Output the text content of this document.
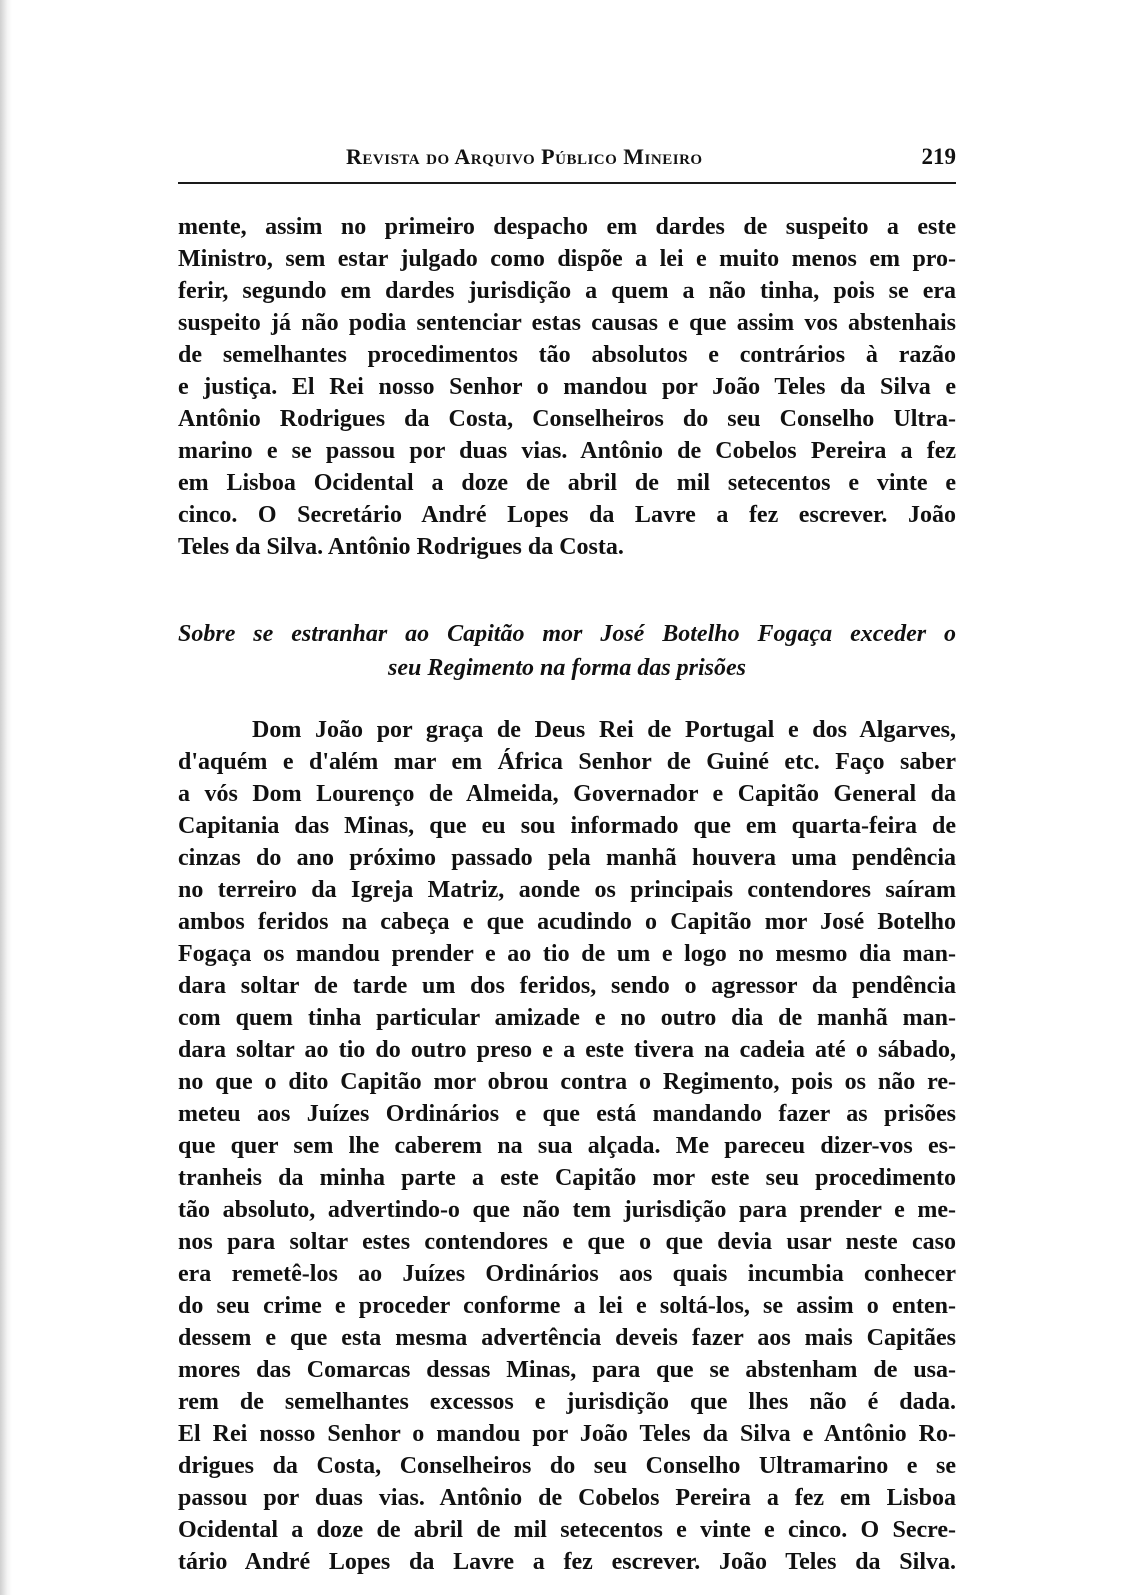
Revista do Arquivo Público Mineiro	219
mente, assim no primeiro despacho em dardes de suspeito a este
Ministro, sem estar julgado como dispõe a lei e muito menos em pro-
ferir, segundo em dardes jurisdição a quem a não tinha, pois se era
suspeito já não podia sentenciar estas causas e que assim vos abstenhais
de semelhantes procedimentos tão absolutos e contrários à razão
e justiça. El Rei nosso Senhor o mandou por João Teles da Silva e
Antônio Rodrigues da Costa, Conselheiros do seu Conselho Ultra-
marino e se passou por duas vias. Antônio de Cobelos Pereira a fez
em Lisboa Ocidental a doze de abril de mil setecentos e vinte e
cinco. O Secretário André Lopes da Lavre a fez escrever. João
Teles da Silva. Antônio Rodrigues da Costa.
Sobre se estranhar ao Capitão mor José Botelho Fogaça exceder o
seu Regimento na forma das prisões
Dom João por graça de Deus Rei de Portugal e dos Algarves,
d'aquém e d'além mar em África Senhor de Guiné etc. Faço saber
a vós Dom Lourenço de Almeida, Governador e Capitão General da
Capitania das Minas, que eu sou informado que em quarta-feira de
cinzas do ano próximo passado pela manhã houvera uma pendência
no terreiro da Igreja Matriz, aonde os principais contendores saíram
ambos feridos na cabeça e que acudindo o Capitão mor José Botelho
Fogaça os mandou prender e ao tio de um e logo no mesmo dia man-
dara soltar de tarde um dos feridos, sendo o agressor da pendência
com quem tinha particular amizade e no outro dia de manhã man-
dara soltar ao tio do outro preso e a este tivera na cadeia até o sábado,
no que o dito Capitão mor obrou contra o Regimento, pois os não re-
meteu aos Juízes Ordinários e que está mandando fazer as prisões
que quer sem lhe caberem na sua alçada. Me pareceu dizer-vos es-
tranheis da minha parte a este Capitão mor este seu procedimento
tão absoluto, advertindo-o que não tem jurisdição para prender e me-
nos para soltar estes contendores e que o que devia usar neste caso
era remetê-los ao Juízes Ordinários aos quais incumbia conhecer
do seu crime e proceder conforme a lei e soltá-los, se assim o enten-
dessem e que esta mesma advertência deveis fazer aos mais Capitães
mores das Comarcas dessas Minas, para que se abstenham de usa-
rem de semelhantes excessos e jurisdição que lhes não é dada.
El Rei nosso Senhor o mandou por João Teles da Silva e Antônio Ro-
drigues da Costa, Conselheiros do seu Conselho Ultramarino e se
passou por duas vias. Antônio de Cobelos Pereira a fez em Lisboa
Ocidental a doze de abril de mil setecentos e vinte e cinco. O Secre-
tário André Lopes da Lavre a fez escrever. João Teles da Silva.
